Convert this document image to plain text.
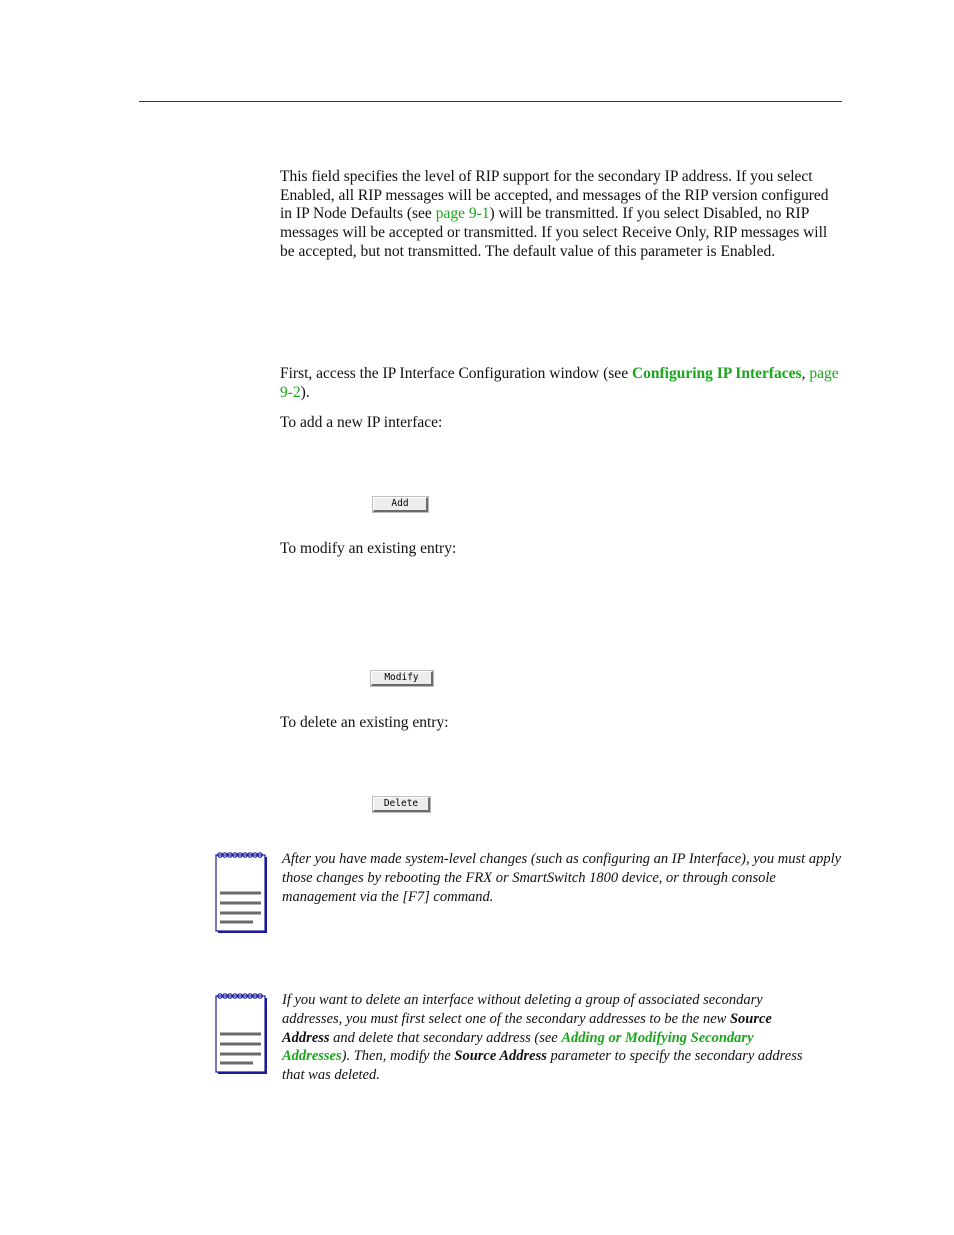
This field specifies the level of RIP support for the secondary IP address. If you select Enabled, all RIP messages will be accepted, and messages of the RIP version configured in IP Node Defaults (see page 9-1) will be transmitted. If you select Disabled, no RIP messages will be accepted or transmitted. If you select Receive Only, RIP messages will be accepted, but not transmitted. The default value of this parameter is Enabled.

First, access the IP Interface Configuration window (see Configuring IP Interfaces, page 9-2).

To add a new IP interface:

Add

To modify an existing entry:

Modify

To delete an existing entry:

Delete

After you have made system-level changes (such as configuring an IP Interface), you must apply those changes by rebooting the FRX or SmartSwitch 1800 device, or through console management via the [F7] command.

If you want to delete an interface without deleting a group of associated secondary addresses, you must first select one of the secondary addresses to be the new Source Address and delete that secondary address (see Adding or Modifying Secondary Addresses). Then, modify the Source Address parameter to specify the secondary address that was deleted.
